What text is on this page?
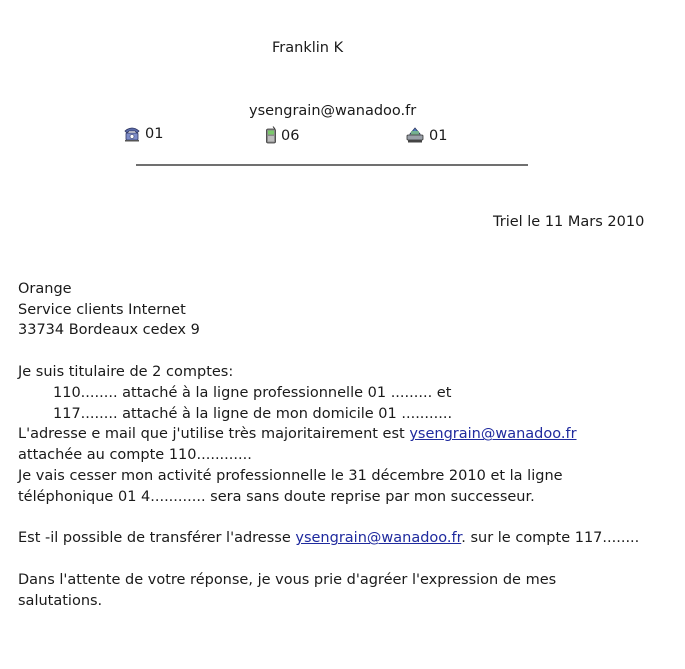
Franklin K
ysengrain@wanadoo.fr
01	06	01
Triel le 11 Mars 2010
Orange
Service clients Internet
33734 Bordeaux cedex 9
Je suis titulaire de 2 comptes:
110........ attaché à la ligne professionnelle 01 ......... et
117........ attaché à la ligne de mon domicile 01 ...........
L'adresse e mail que j'utilise très majoritairement est ysengrain@wanadoo.fr
attachée au compte 110............
Je vais cesser mon activité professionnelle le 31 décembre 2010 et la ligne
téléphonique 01 4............ sera sans doute reprise par mon successeur.
Est -il possible de transférer l'adresse ysengrain@wanadoo.fr. sur le compte 117........
Dans l'attente de votre réponse, je vous prie d'agréer l'expression de mes
salutations.
